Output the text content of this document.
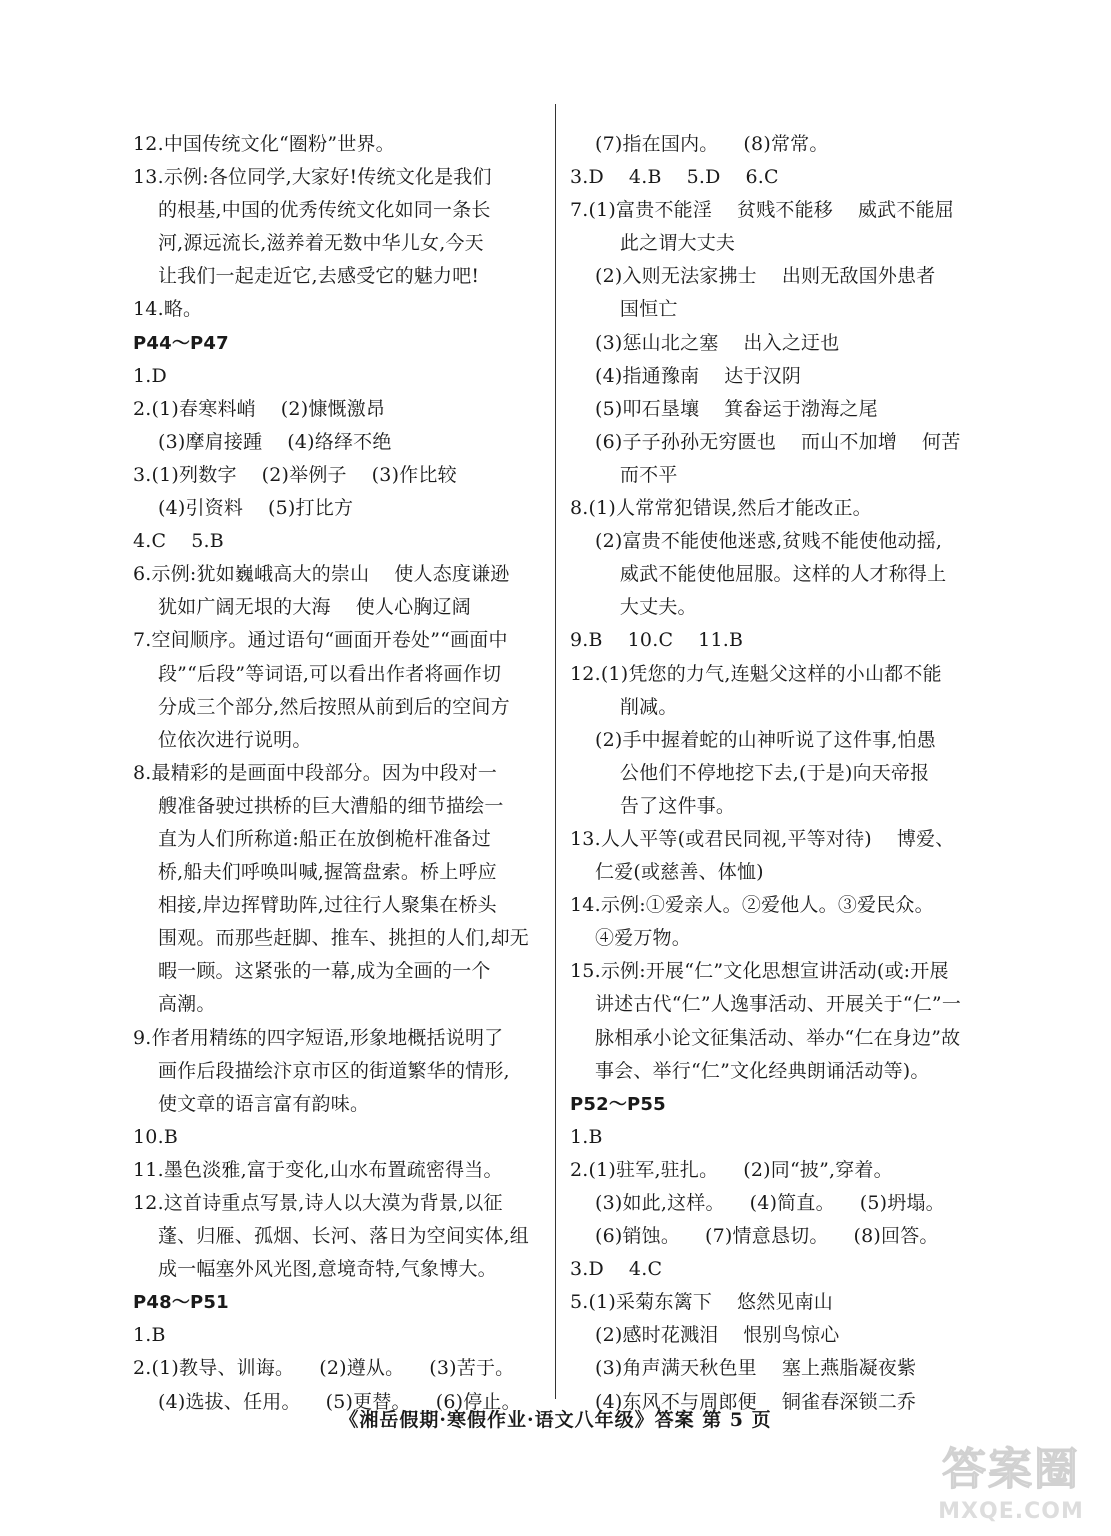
12.中国传统文化“圈粉”世界。
13.示例:各位同学,大家好!传统文化是我们
的根基,中国的优秀传统文化如同一条长
河,源远流长,滋养着无数中华儿女,今天
让我们一起走近它,去感受它的魅力吧!
14.略。
P44～P47
1.D
2.(1)春寒料峭    (2)慷慨激昂
(3)摩肩接踵    (4)络绎不绝
3.(1)列数字    (2)举例子    (3)作比较
(4)引资料    (5)打比方
4.C    5.B
6.示例:犹如巍峨高大的崇山    使人态度谦逊
犹如广阔无垠的大海    使人心胸辽阔
7.空间顺序。通过语句“画面开卷处”“画面中
段”“后段”等词语,可以看出作者将画作切
分成三个部分,然后按照从前到后的空间方
位依次进行说明。
8.最精彩的是画面中段部分。因为中段对一
艘准备驶过拱桥的巨大漕船的细节描绘一
直为人们所称道:船正在放倒桅杆准备过
桥,船夫们呼唤叫喊,握篙盘索。桥上呼应
相接,岸边挥臂助阵,过往行人聚集在桥头
围观。而那些赶脚、推车、挑担的人们,却无
暇一顾。这紧张的一幕,成为全画的一个
高潮。
9.作者用精练的四字短语,形象地概括说明了
画作后段描绘汴京市区的街道繁华的情形,
使文章的语言富有韵味。
10.B
11.墨色淡雅,富于变化,山水布置疏密得当。
12.这首诗重点写景,诗人以大漠为背景,以征
蓬、归雁、孤烟、长河、落日为空间实体,组
成一幅塞外风光图,意境奇特,气象博大。
P48～P51
1.B
2.(1)教导、训诲。    (2)遵从。    (3)苦于。
(4)选拔、任用。    (5)更替。    (6)停止。
(7)指在国内。    (8)常常。
3.D    4.B    5.D    6.C
7.(1)富贵不能淫    贫贱不能移    威武不能屈
此之谓大丈夫
(2)入则无法家拂士    出则无敌国外患者
国恒亡
(3)惩山北之塞    出入之迂也
(4)指通豫南    达于汉阴
(5)叩石垦壤    箕畚运于渤海之尾
(6)子子孙孙无穷匮也    而山不加增    何苦
而不平
8.(1)人常常犯错误,然后才能改正。
(2)富贵不能使他迷惑,贫贱不能使他动摇,
威武不能使他屈服。这样的人才称得上
大丈夫。
9.B    10.C    11.B
12.(1)凭您的力气,连魁父这样的小山都不能
削减。
(2)手中握着蛇的山神听说了这件事,怕愚
公他们不停地挖下去,(于是)向天帝报
告了这件事。
13.人人平等(或君民同视,平等对待)    博爱、
仁爱(或慈善、体恤)
14.示例:①爱亲人。②爱他人。③爱民众。
④爱万物。
15.示例:开展“仁”文化思想宣讲活动(或:开展
讲述古代“仁”人逸事活动、开展关于“仁”一
脉相承小论文征集活动、举办“仁在身边”故
事会、举行“仁”文化经典朗诵活动等)。
P52～P55
1.B
2.(1)驻军,驻扎。    (2)同“披”,穿着。
(3)如此,这样。    (4)简直。    (5)坍塌。
(6)销蚀。    (7)情意恳切。    (8)回答。
3.D    4.C
5.(1)采菊东篱下    悠然见南山
(2)感时花溅泪    恨别鸟惊心
(3)角声满天秋色里    塞上燕脂凝夜紫
(4)东风不与周郎便    铜雀春深锁二乔
《湘岳假期·寒假作业·语文八年级》答案 第 5 页
答案圈
MXQE.COM
